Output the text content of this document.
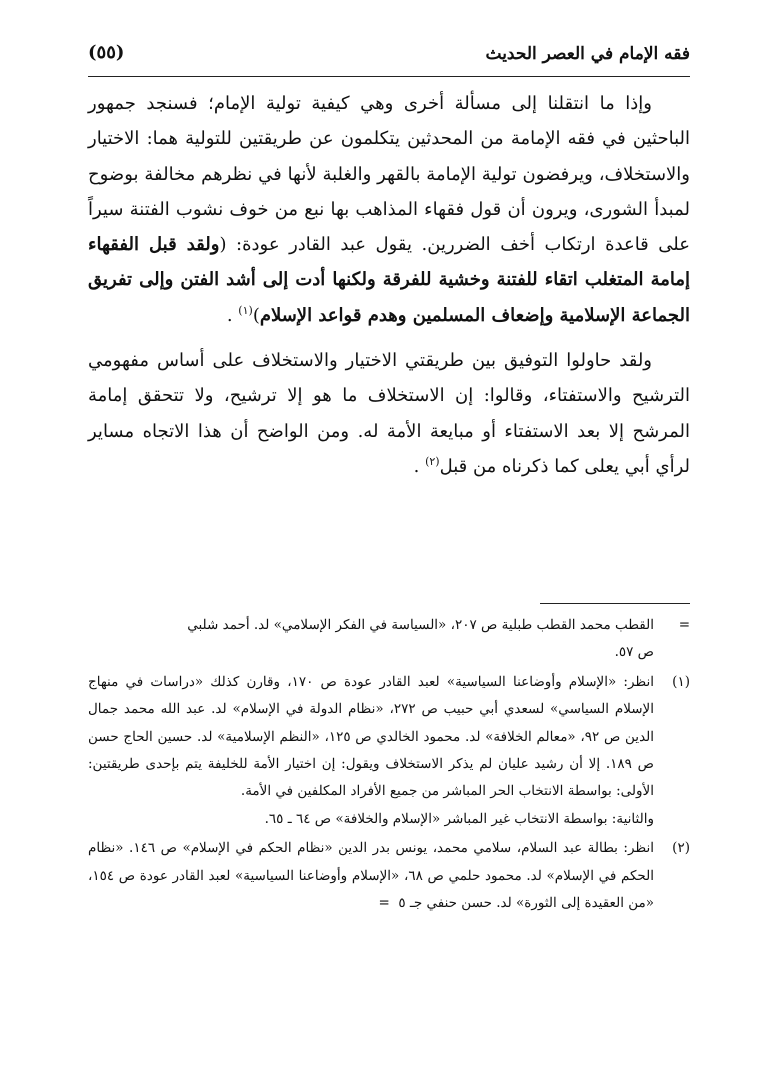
فقه الإمام في العصر الحديث
(٥٥)

وإذا ما انتقلنا إلى مسألة أخرى وهي كيفية تولية الإمام؛ فسنجد جمهور الباحثين في فقه الإمامة من المحدثين يتكلمون عن طريقتين للتولية هما: الاختيار والاستخلاف، ويرفضون تولية الإمامة بالقهر والغلبة لأنها في نظرهم مخالفة بوضوح لمبدأ الشورى، ويرون أن قول فقهاء المذاهب بها نبع من خوف نشوب الفتنة سيراً على قاعدة ارتكاب أخف الضررين. يقول عبد القادر عودة: (ولقد قبل الفقهاء إمامة المتغلب اتقاء للفتنة وخشية للفرقة ولكنها أدت إلى أشد الفتن وإلى تفريق الجماعة الإسلامية وإضعاف المسلمين وهدم قواعد الإسلام)$^{(١)}$ .

ولقد حاولوا التوفيق بين طريقتي الاختيار والاستخلاف على أساس مفهومي الترشيح والاستفتاء، وقالوا: إن الاستخلاف ما هو إلا ترشيح، ولا تتحقق إمامة المرشح إلا بعد الاستفتاء أو مبايعة الأمة له. ومن الواضح أن هذا الاتجاه مساير لرأي أبي يعلى كما ذكرناه من قبل$^{(٢)}$ .

=
القطب محمد القطب طبلية ص ٢٠٧، «السياسة في الفكر الإسلامي» لد. أحمد شلبي
ص ٥٧.
(١)
انظر: «الإسلام وأوضاعنا السياسية» لعبد القادر عودة ص ١٧٠، وقارن كذلك «دراسات في منهاج الإسلام السياسي» لسعدي أبي حبيب ص ٢٧٢، «نظام الدولة في الإسلام» لد. عبد الله محمد جمال الدين ص ٩٢، «معالم الخلافة» لد. محمود الخالدي ص ١٢٥، «النظم الإسلامية» لد. حسين الحاج حسن ص ١٨٩. إلا أن رشيد عليان لم يذكر الاستخلاف ويقول: إن اختيار الأمة للخليفة يتم بإحدى طريقتين: الأولى: بواسطة الانتخاب الحر المباشر من جميع الأفراد المكلفين في الأمة.
والثانية: بواسطة الانتخاب غير المباشر «الإسلام والخلافة» ص ٦٤ ـ ٦٥.
(٢)
انظر: بطالة عبد السلام، سلامي محمد، يونس بدر الدين «نظام الحكم في الإسلام» ص ١٤٦. «نظام الحكم في الإسلام» لد. محمود حلمي ص ٦٨، «الإسلام وأوضاعنا السياسية» لعبد القادر عودة ص ١٥٤، «من العقيدة إلى الثورة» لد. حسن حنفي جـ ٥  =
